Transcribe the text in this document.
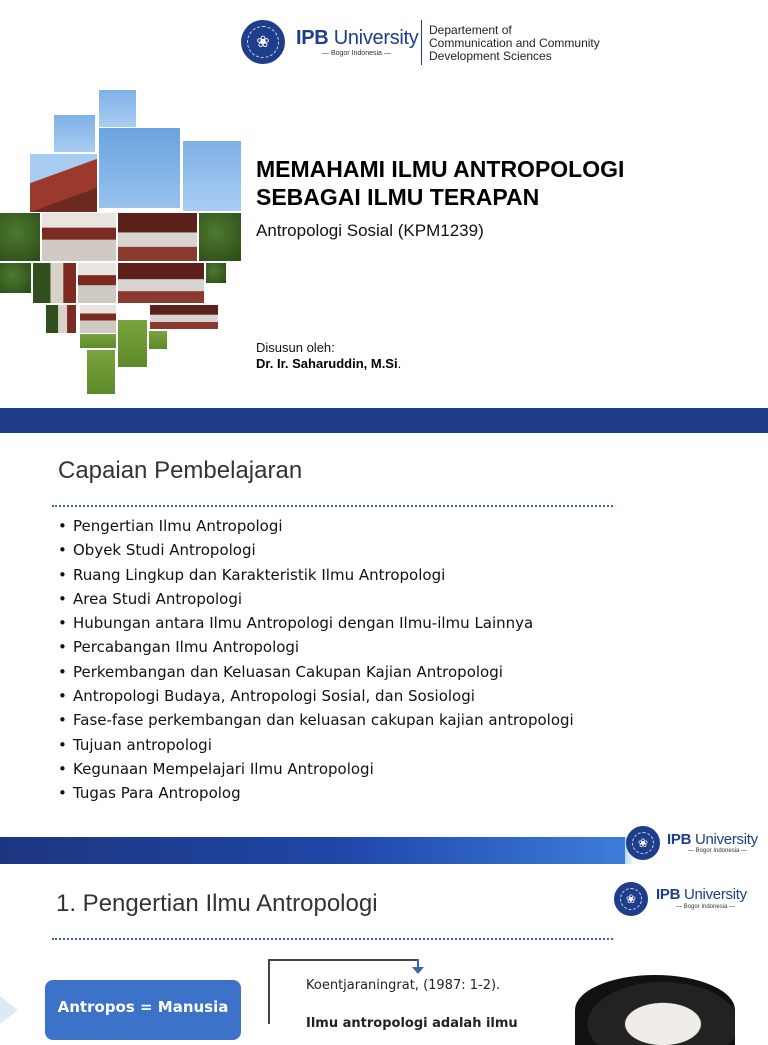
❀ IPB University
— Bogor Indonesia —
Departement of
Communication and Community
Development Sciences
MEMAHAMI ILMU ANTROPOLOGI
SEBAGAI ILMU TERAPAN
Antropologi Sosial (KPM1239)
Disusun oleh:
Dr. Ir. Saharuddin, M.Si.
Capaian Pembelajaran
• Pengertian Ilmu Antropologi
• Obyek Studi Antropologi
• Ruang Lingkup dan Karakteristik Ilmu Antropologi
• Area Studi Antropologi
• Hubungan antara Ilmu Antropologi dengan Ilmu-ilmu Lainnya
• Percabangan Ilmu Antropologi
• Perkembangan dan Keluasan Cakupan Kajian Antropologi
• Antropologi Budaya, Antropologi Sosial, dan Sosiologi
• Fase-fase perkembangan dan keluasan cakupan kajian antropologi
• Tujuan antropologi
• Kegunaan Mempelajari Ilmu Antropologi
• Tugas Para Antropolog
❀ IPB University
— Bogor Indonesia —
1. Pengertian Ilmu Antropologi	❀ IPB University
— Bogor Indonesia —
Antropos = Manusia
Koentjaraningrat, (1987: 1-2).
Ilmu antropologi adalah ilmu
